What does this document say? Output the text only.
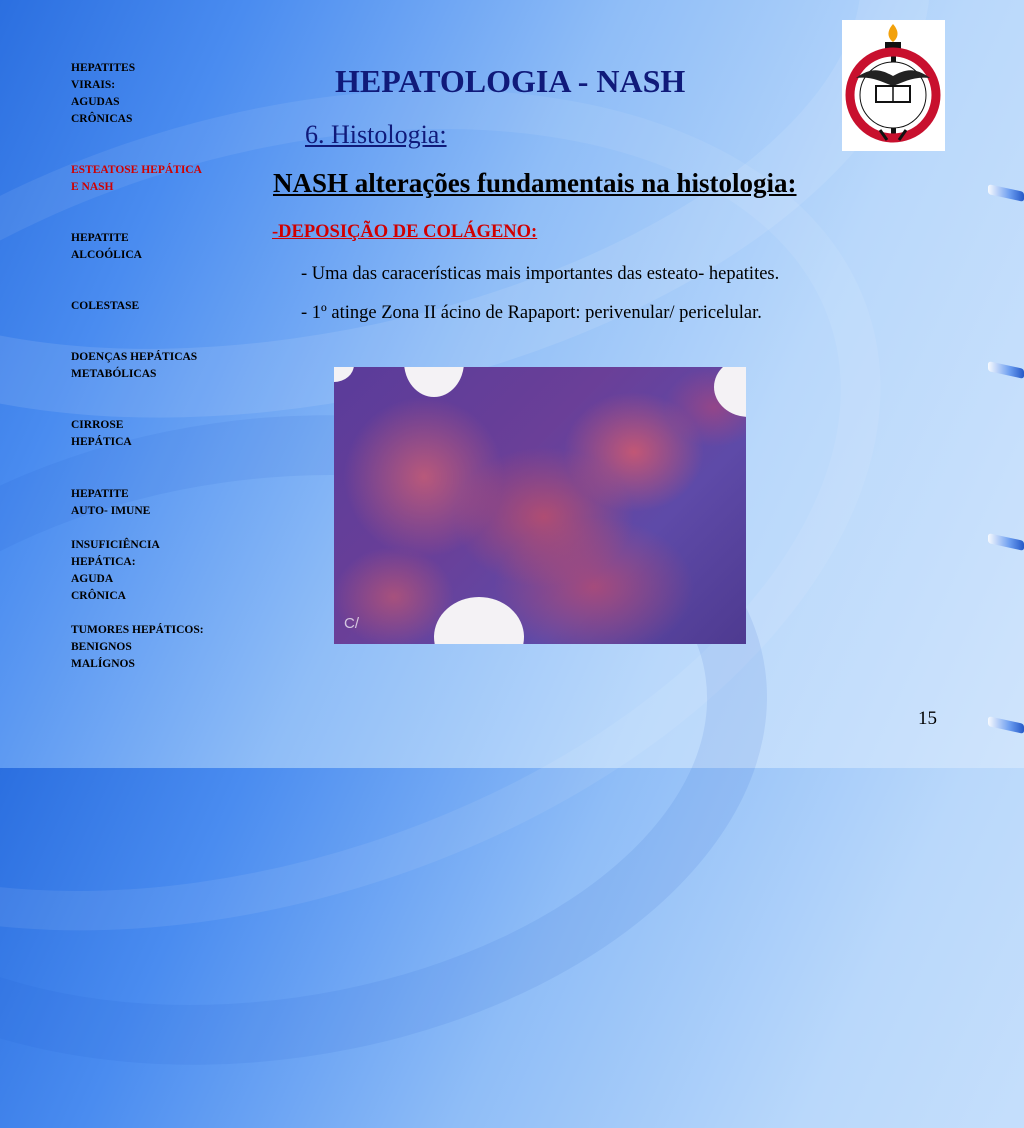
HEPATITES
VIRAIS:
AGUDAS
CRÔNICAS
ESTEATOSE HEPÁTICA
E NASH
HEPATITE
ALCOÓLICA
COLESTASE
DOENÇAS HEPÁTICAS
METABÓLICAS
CIRROSE
HEPÁTICA
HEPATITE
AUTO- IMUNE
INSUFICIÊNCIA
HEPÁTICA:
AGUDA
CRÔNICA
TUMORES HEPÁTICOS:
BENIGNOS
MALÍGNOS
HEPATOLOGIA - NASH
6. Histologia:
NASH alterações fundamentais na histologia:
-DEPOSIÇÃO DE COLÁGENO:
- Uma das caracerísticas mais importantes das esteato- hepatites.
- 1º atinge Zona II ácino de Rapaport: perivenular/ pericelular.
C/
15
